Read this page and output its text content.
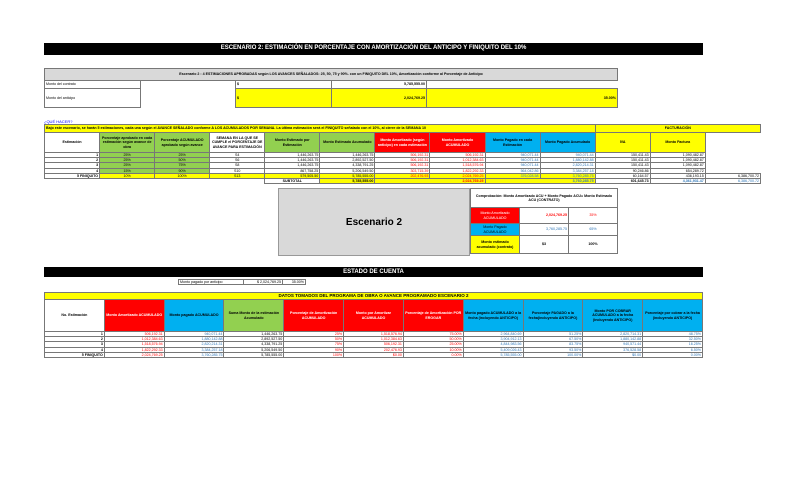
ESCENARIO 2: ESTIMACIÓN EN PORCENTAJE CON AMORTIZACIÓN DEL ANTICIPO Y FINIQUITO DEL 10%
Escenario 2 : 4 ESTIMACIONES APROBADAS según LOS AVANCES SEÑALADOS: 25, 50, 75 y 90%. con un FINIQUITO DEL 10%, Amortización conforme al Porcentaje de Anticipo					
Monto del contrato		$	5,785,555.00		
Monto del anticipo		$	2,024,769.25	35.00%	
¿QUÉ HACER?
Bajo este escenario, se harán 5 estimaciones, cada una según el AVANCE SEÑALADO conforme A LOS ACUMULADOS POR SEMANA. La última estimación será el FINIQUITO señalado con el 10%, al cierre de la SEMANA 10										FACTURACIÓN		
Estimación	Porcentaje aprobado en cada estimación según avance de obra	Porcentaje ACUMULADO aprobado según avance	SEMANA EN LA QUE SE CUMPLE el PORCENTAJE DE AVANCE PARA ESTIMACIÓN	Monto Estimado por Estimación	Monto Estimado Acumulado	Monto Amortizado (según anticipo) en cada estimación	Monto Amortizado ACUMULADO	Monto Pagado en cada Estimación	Monto Pagado Acumulado	IVA	Monto Factura	
1	25%	25%	S4	1,446,263.75	1,446,263.75	506,192.31	506,192.31	940,071.44	940,071.44	150,411.43	1,090,482.87	
2	25%	50%	S6	1,446,263.75	2,892,527.50	506,192.31	1,012,384.63	940,071.44	1,880,142.88	150,411.43	1,090,482.87	
3	25%	75%	S8	1,446,263.75	4,338,791.25	506,192.31	1,518,576.94	940,071.44	2,820,214.31	150,411.43	1,090,482.87	
4	15%	90%	S10	867,758.25	5,206,549.50	303,715.39	1,822,292.33	564,042.86	3,384,257.18	90,246.86	654,289.72	
5 FINIQUITO	10%	100%	S13	579,505.50	5,785,555.00	202,476.93	2,024,769.25	376,028.58	3,760,285.75	60,164.57	436,193.15	6,386,700.72
				SUBTOTAL	5,785,555.00	2,024,769.25		3,760,285.75		601,645.73	4,361,931.47	6,386,700.72
Escenario 2
Comprobación: Monto Amortizado ACU + Monto Pagado ACU= Monto Estimado ACU (CONTRATO)		
Monto Amortizado ACUMULADO	2,024,769.25	35%
Monto Pagado ACUMULADO	3,760,285.75	65%
Monto estimado acumulado (contrato)	$3	100%
ESTADO DE CUENTA
Monto pagado por anticipo	$ 2,024,769.25	35.00%
DATOS TOMADOS DEL PROGRAMA DE OBRA O AVANCE PROGRAMADO ESCENARIO 2										
No. Estimación	Monto Amortizado ACUMULADO	Monto pagado ACUMULADO	Suma Monto de la estimación Acumulado	Porcentaje de Amortización ACUMULADO	Monto por Amortizar ACUMULADO	Porcentaje de Amortización POR EROGAR	Monto pagado ACUMULADO a la fecha (incluyendo ANTICIPO)	Porcentaje PAGADO a la fecha(incluyendo ANTICIPO)	Monto POR COBRAR ACUMULADO a la fecha (incluyendo ANTICIPO)	Porcentaje por cobrar a la fecha (incluyendo ANTICIPO)
1	506,192.31	940,071.44	1,446,263.75	25%	1,518,576.94	75.00%	2,964,840.69	51.25%	2,820,714.31	48.75%
2	1,012,384.63	1,880,142.88	2,892,527.50	50%	1,012,384.63	50.00%	3,904,912.13	67.50%	1,880,142.88	32.50%
3	1,518,576.94	2,820,214.31	4,338,791.25	75%	506,192.31	25.00%	4,844,983.56	83.75%	940,571.44	16.25%
4	1,822,292.33	3,384,257.18	5,206,549.50	90%	202,476.93	10.00%	5,409,026.43	93.50%	376,528.58	6.50%
5 FINIQUITO	2,024,769.25	3,760,285.75	5,785,555.00	100%	$0.00	0.00%	5,785,555.00	100.00%	$0.00	0.00%
